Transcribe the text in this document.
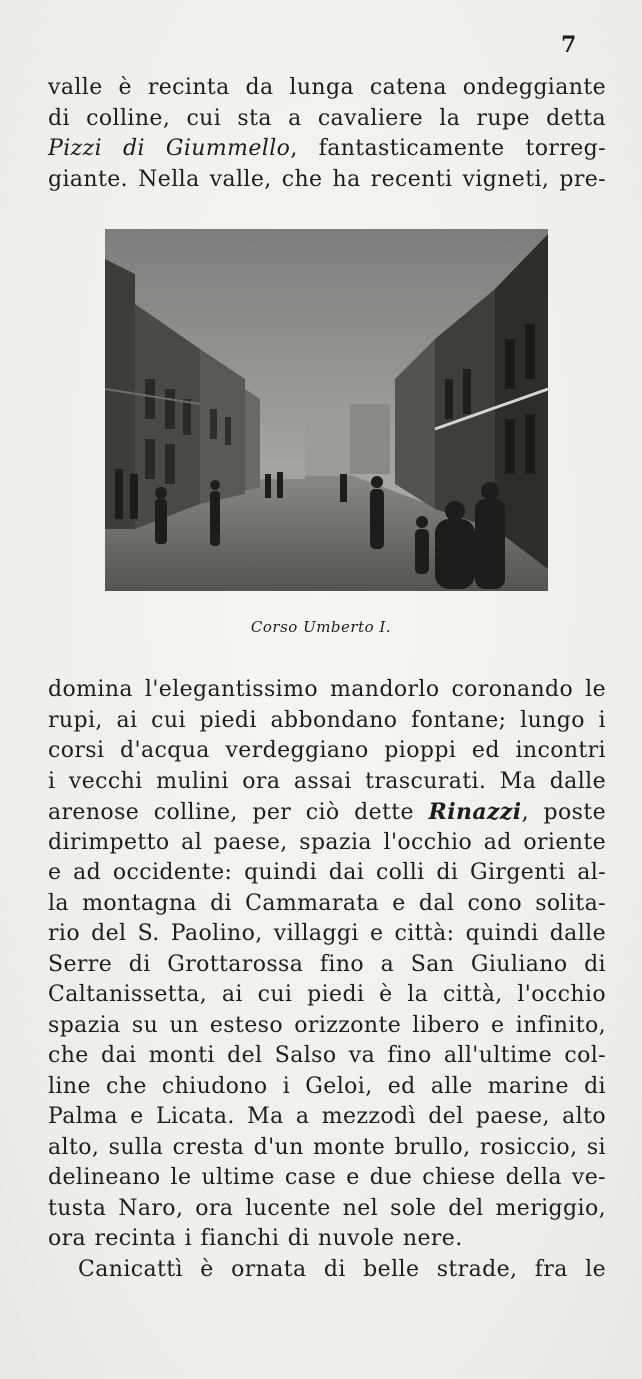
7
valle è recinta da lunga catena ondeggiante
di colline, cui sta a cavaliere la rupe detta
Pizzi di Giummello, fantasticamente torreg-
giante. Nella valle, che ha recenti vigneti, pre-
Corso Umberto I.
domina l'elegantissimo mandorlo coronando le
rupi, ai cui piedi abbondano fontane; lungo i
corsi d'acqua verdeggiano pioppi ed incontri
i vecchi mulini ora assai trascurati. Ma dalle
arenose colline, per ciò dette Rinazzi, poste
dirimpetto al paese, spazia l'occhio ad oriente
e ad occidente: quindi dai colli di Girgenti al-
la montagna di Cammarata e dal cono solita-
rio del S. Paolino, villaggi e città: quindi dalle
Serre di Grottarossa fino a San Giuliano di
Caltanissetta, ai cui piedi è la città, l'occhio
spazia su un esteso orizzonte libero e infinito,
che dai monti del Salso va fino all'ultime col-
line che chiudono i Geloi, ed alle marine di
Palma e Licata. Ma a mezzodì del paese, alto
alto, sulla cresta d'un monte brullo, rosiccio, si
delineano le ultime case e due chiese della ve-
tusta Naro, ora lucente nel sole del meriggio,
ora recinta i fianchi di nuvole nere.
Canicattì è ornata di belle strade, fra le
